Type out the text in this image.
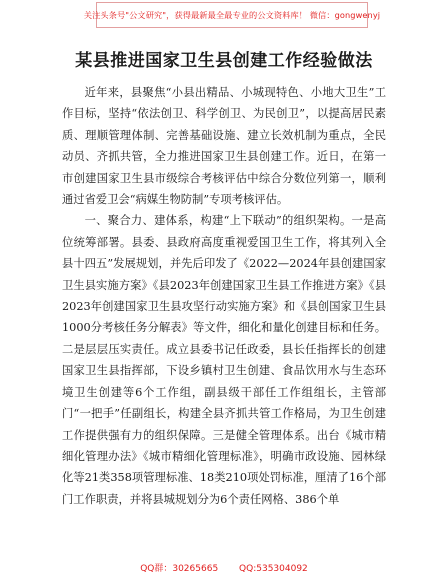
关注头条号"公文研究"，获得最新最全最专业的公文资料库！ 微信：gongwenyj
某县推进国家卫生县创建工作经验做法

近年来，县聚焦“小县出精品、小城现特色、小地大卫生”工作目标，坚持“依法创卫、科学创卫、为民创卫”，以提高居民素质、理顺管理体制、完善基础设施、建立长效机制为重点，全民动员、齐抓共管，全力推进国家卫生县创建工作。近日，在第一市创建国家卫生县市级综合考核评估中综合分数位列第一，顺利通过省爱卫会“病媒生物防制”专项考核评估。

一、聚合力、建体系，构建“上下联动”的组织架构。一是高位统筹部署。县委、县政府高度重视爱国卫生工作，将其列入全县十四五”发展规划，并先后印发了《2022—2024年县创建国家卫生县实施方案》《县2023年创建国家卫生县工作推进方案》《县2023年创建国家卫生县攻坚行动实施方案》和《县创国家卫生县1000分考核任务分解表》等文件，细化和量化创建目标和任务。二是层层压实责任。成立县委书记任政委，县长任指挥长的创建国家卫生县指挥部，下设乡镇村卫生创建、食品饮用水与生态环境卫生创建等6个工作组，副县级干部任工作组组长，主管部门“一把手”任副组长，构建全县齐抓共管工作格局，为卫生创建工作提供强有力的组织保障。三是健全管理体系。出台《城市精细化管理办法》《城市精细化管理标准》，明确市政设施、园林绿化等21类358项管理标准、18类210项处罚标准，厘清了16个部门工作职责，并将县城规划分为6个责任网格、386个单

QQ群：30265665 QQ:535304092
